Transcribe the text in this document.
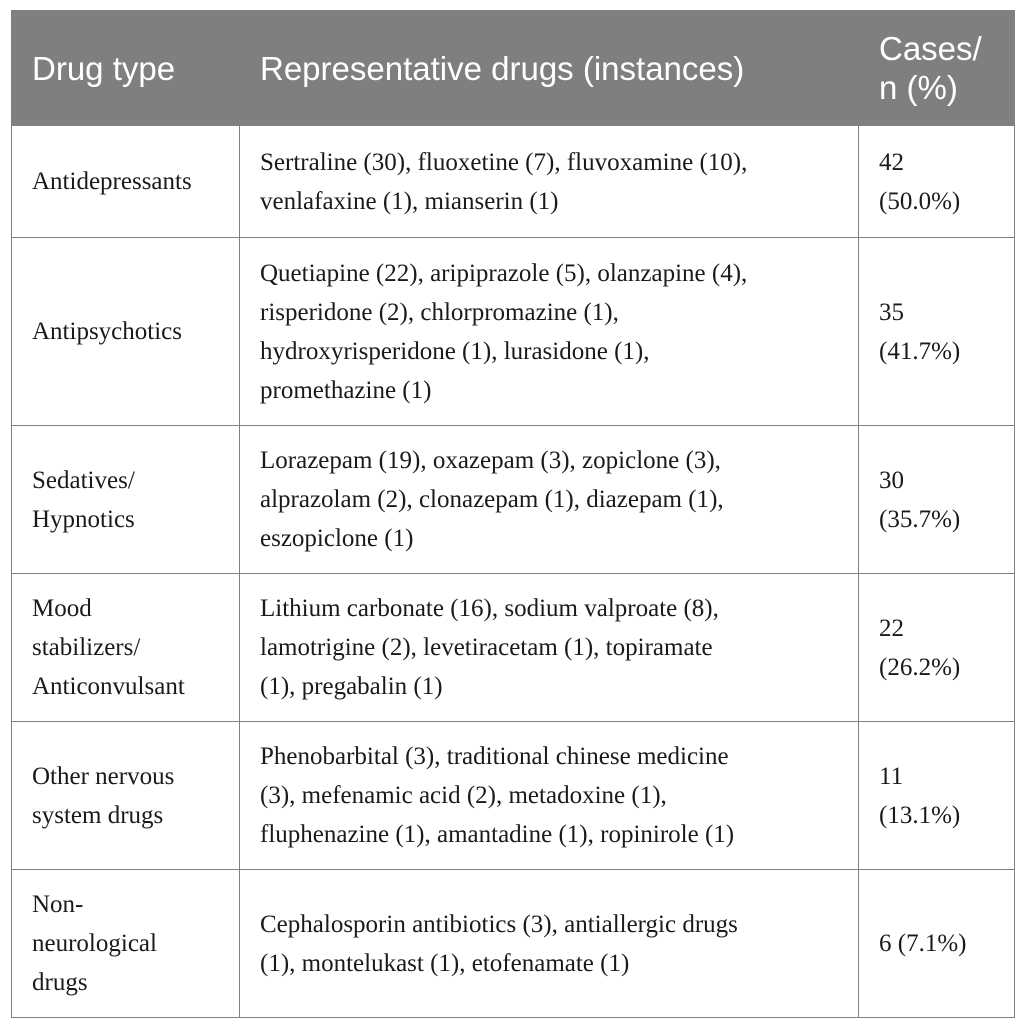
Drug type	Representative drugs (instances)	Cases/
n (%)
Antidepressants	Sertraline (30), fluoxetine (7), fluvoxamine (10),
venlafaxine (1), mianserin (1)	42
(50.0%)
Antipsychotics	Quetiapine (22), aripiprazole (5), olanzapine (4),
risperidone (2), chlorpromazine (1),
hydroxyrisperidone (1), lurasidone (1),
promethazine (1)	35
(41.7%)
Sedatives/
Hypnotics	Lorazepam (19), oxazepam (3), zopiclone (3),
alprazolam (2), clonazepam (1), diazepam (1),
eszopiclone (1)	30
(35.7%)
Mood
stabilizers/
Anticonvulsant	Lithium carbonate (16), sodium valproate (8),
lamotrigine (2), levetiracetam (1), topiramate
(1), pregabalin (1)	22
(26.2%)
Other nervous
system drugs	Phenobarbital (3), traditional chinese medicine
(3), mefenamic acid (2), metadoxine (1),
fluphenazine (1), amantadine (1), ropinirole (1)	11
(13.1%)
Non-
neurological
drugs	Cephalosporin antibiotics (3), antiallergic drugs
(1), montelukast (1), etofenamate (1)	6 (7.1%)
